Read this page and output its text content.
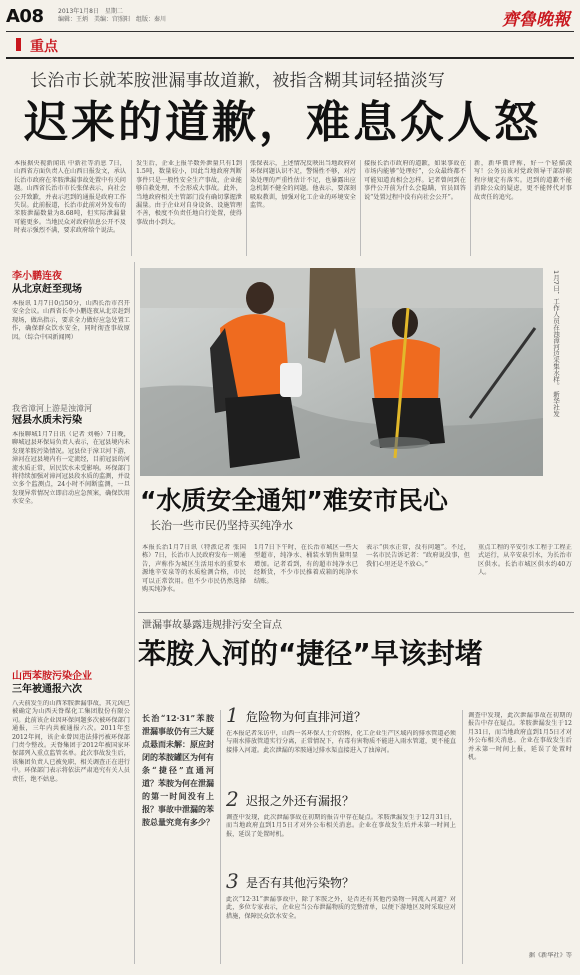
A08 2013年1月8日　星期二
编辑：王炳　美编：宫照阳　组版：秦川	齊魯晚報
重点
长治市长就苯胺泄漏事故道歉，被指含糊其词轻描淡写
迟来的道歉，难息众人怒
本报据央视新闻讯 中新社等消息 7日，山西省方面负责人在山西日报发文，承认长治市政府在苯胺泄漏事故处置中有关问题。山西省长治市市长张保表示，向社会公开致歉，并表示迟到的通报是政府工作失误。此前报道，长治市此前对外发布的苯胺泄漏数量为8.68吨，但实际泄漏量可能更多。当地民众对政府信息公开不及时表示强烈不满，要求政府给个说法。
发生后，企业上报半数外泄量只有1到1.5吨，数量较小，因此当地政府判断事件只是一般性安全生产事故，企业能够自救处理，不会形成大事故。此外，当地政府相关主管部门没有确切掌握泄漏量。由于企业对自身设备、设施管理不善，极度不负责任地自行处置，使得事故由小到大。
张保表示，上述情况反映出当地政府对环保问题认识不足，警惕性不够，对污染处理的严重性估计不足，也暴露出应急机制不健全的问题。他表示，要深刻吸取教训，加强对化工企业的环境安全监管。
接报长治市政府的道歉，如果事故在市场内能够“处理好”，公众最终都不可能知道真相会怎样。记者曾问到在事件公开前为什么会隐瞒，官员回答说“处置过程中没有向社会公开”。
新，新华微评称，好一个轻描淡写！公务员该对党政领导干部辞职程序规定有落实。迟到的道歉不能消除公众的疑虑，更不能替代对事故责任的追究。
李小鹏连夜
从北京赶至现场
本报讯 1月7日0点50分，山西长治市召开安全会议。山西省长李小鹏连夜从北京赶到现场，做出指示，要求全力做好应急处置工作，确保群众饮水安全，同时彻查事故原因。（综合中国新闻网）
我省漳河上游是浊漳河
冠县水质未污染
本报聊城1月7日讯（记者 刘畅）7日晚，聊城冠县环保局负责人表示，在冠县境内未发现苯胺污染情况。冠县位于漳卫河下游，漳河在冠县境内有一定流经，目前冠县的河流水质正常，居民饮水未受影响。环保部门将持续加强对漳河冠县段水质的监测，并设立多个监测点，24小时不间断监测，一旦发现异常情况立即启动应急预案，确保饮用水安全。
山西苯胺污染企业
三年被通报六次
八天前发生的山西苯胺泄漏事故，其元凶已被确定为山西天脊煤化工集团股份有限公司。此前该企业因环保问题多次被环保部门通报，三年内共被通报六次。2011年至2012年间，该企业曾因违法排污被环保部门责令整改。天脊集团于2012年被国家环保部列入重点监管名单。此次事故发生后，该集团负责人已被免职，相关调查正在进行中。环保部门表示将依法严肃追究有关人员责任，绝不姑息。
1月7日，工作人员在浊漳河边采集水样。 新华社发
“水质安全通知”难安市民心
长治一些市民仍坚持买纯净水
本报长治1月7日讯（特派记者 张国栋）7日，长治市人民政府发布一则通告，声称作为城区生活用水的重要水源地辛安泉等的水质检测合格，市民可以正常饮用。但不少市民仍然选择购买纯净水。
1月7日下午时，在长治市城区一些大型超市，纯净水、桶装水销售量明显增加。记者看到，有的超市纯净水已经断货，不少市民推着成箱的纯净水结账。
表示“供水正常，没有问题”。不过，一名市民告诉记者：“政府说没事，但我们心里还是不放心。”
重点工程的辛安引水工程于工程正式运行，从辛安泉引水，为长治市区供水。长治市城区供水约40万人。
泄漏事故暴露违规排污安全盲点
苯胺入河的“捷径”早该封堵
长治“12·31”苯胺泄漏事故仍有三大疑点悬而未解：原应封闭的苯胺罐区为何有条“捷径”直通河道？苯胺为何在泄漏的第一时间没有上报？事故中泄漏的苯胺总量究竟有多少？
1 危险物为何直排河道？
在本报记者采访中，山西一名环保人士介绍称，化工企业生产区域内的排水管道必须与雨水排放管道实行分离，正常情况下，有毒有害物质不能进入雨水管道，更不能直接排入河道。此次泄漏的苯胺通过排水渠直接进入了浊漳河。
2 迟报之外还有漏报？
调查中发现，此次泄漏事故在初期的报告中存在疑点。苯胺泄漏发生于12月31日，而当地政府直到1月5日才对外公布相关消息。企业在事故发生后并未第一时间上报，延误了处置时机。
3 是否有其他污染物？
此次“12·31”泄漏事故中，除了苯胺之外，是否还有其他污染物一同流入河道？对此，多位专家表示，企业应当公布泄漏物质的完整清单，以便下游地区及时采取应对措施，保障民众饮水安全。
据《新华社》等
调查中发现，此次泄漏事故在初期的报告中存在疑点。苯胺泄漏发生于12月31日，而当地政府直到1月5日才对外公布相关消息。企业在事故发生后并未第一时间上报，延误了处置时机。
